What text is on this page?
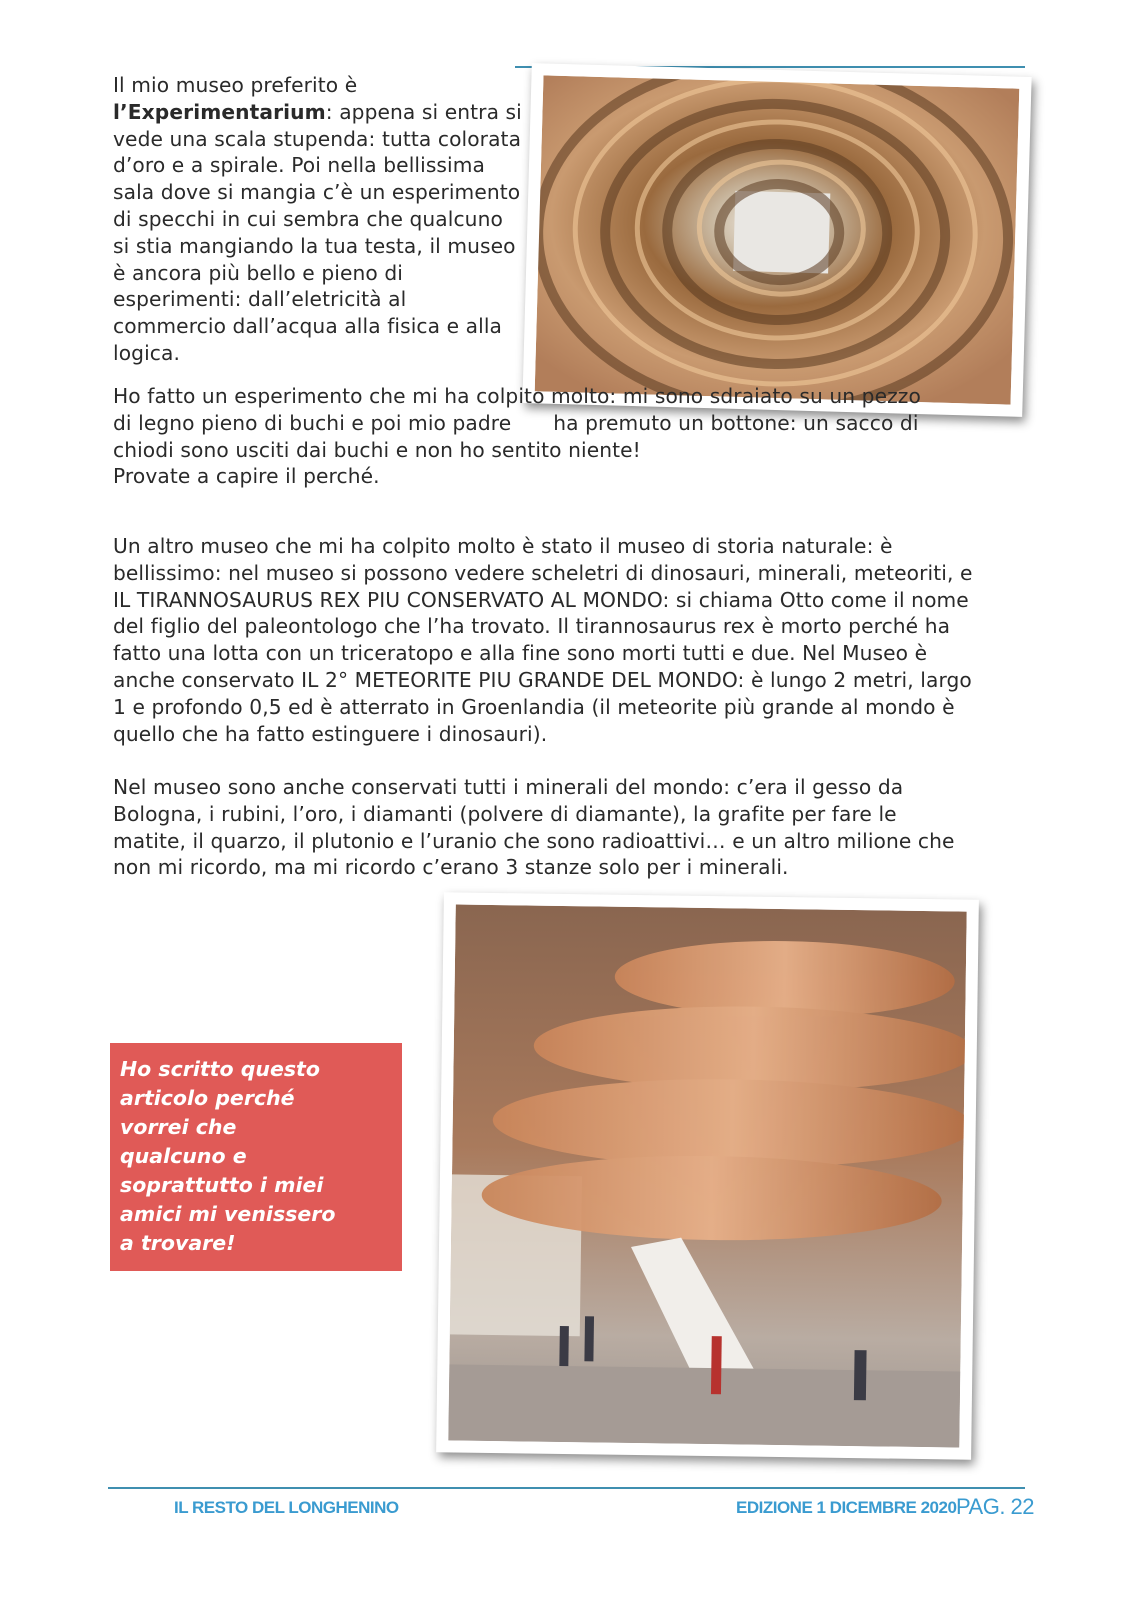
Il mio museo preferito è
l’Experimentarium: appena si entra si vede una scala stupenda: tutta colorata d’oro e a spirale. Poi nella bellissima sala dove si mangia c’è un esperimento di specchi in cui sembra che qualcuno si stia mangiando la tua testa, il museo è ancora più bello e pieno di esperimenti: dall’eletricità al commercio dall’acqua alla fisica e alla logica.

Ho fatto un esperimento che mi ha colpito molto: mi sono sdraiato su un pezzo di legno pieno di buchi e poi mio padre ha premuto un bottone: un sacco di chiodi sono usciti dai buchi e non ho sentito niente!
Provate a capire il perché.

Un altro museo che mi ha colpito molto è stato il museo di storia naturale: è bellissimo: nel museo si possono vedere scheletri di dinosauri, minerali, meteoriti, e IL TIRANNOSAURUS REX PIU CONSERVATO AL MONDO: si chiama Otto come il nome del figlio del paleontologo che l’ha trovato. Il tirannosaurus rex è morto perché ha fatto una lotta con un triceratopo e alla fine sono morti tutti e due. Nel Museo è anche conservato IL 2° METEORITE PIU GRANDE DEL MONDO: è lungo 2 metri, largo 1 e profondo 0,5 ed è atterrato in Groenlandia (il meteorite più grande al mondo è quello che ha fatto estinguere i dinosauri).

Nel museo sono anche conservati tutti i minerali del mondo: c’era il gesso da Bologna, i rubini, l’oro, i diamanti (polvere di diamante), la grafite per fare le matite, il quarzo, il plutonio e l’uranio che sono radioattivi… e un altro milione che non mi ricordo, ma mi ricordo c’erano 3 stanze solo per i minerali.

Ho scritto questo
articolo perché
vorrei che
qualcuno e
soprattutto i miei
amici mi venissero
a trovare!

IL RESTO DEL LONGHENINO	EDIZIONE 1 DICEMBRE 2020 PAG. 22
